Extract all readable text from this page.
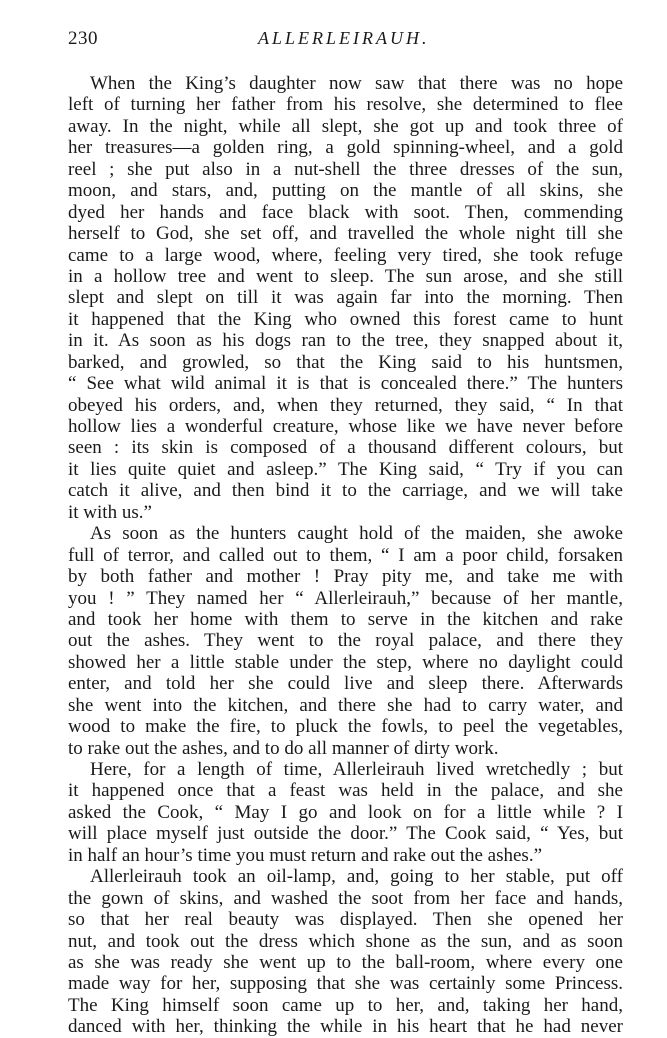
230	ALLERLEIRAUH.
When the King’s daughter now saw that there was no hope
left of turning her father from his resolve, she determined to flee
away. In the night, while all slept, she got up and took three of
her treasures—a golden ring, a gold spinning-wheel, and a gold
reel ; she put also in a nut-shell the three dresses of the sun,
moon, and stars, and, putting on the mantle of all skins, she
dyed her hands and face black with soot. Then, commending
herself to God, she set off, and travelled the whole night till she
came to a large wood, where, feeling very tired, she took refuge
in a hollow tree and went to sleep. The sun arose, and she still
slept and slept on till it was again far into the morning. Then
it happened that the King who owned this forest came to hunt
in it. As soon as his dogs ran to the tree, they snapped about it,
barked, and growled, so that the King said to his huntsmen,
“ See what wild animal it is that is concealed there.” The hunters
obeyed his orders, and, when they returned, they said, “ In that
hollow lies a wonderful creature, whose like we have never before
seen : its skin is composed of a thousand different colours, but
it lies quite quiet and asleep.” The King said, “ Try if you can
catch it alive, and then bind it to the carriage, and we will take
it with us.”
As soon as the hunters caught hold of the maiden, she awoke
full of terror, and called out to them, “ I am a poor child, forsaken
by both father and mother ! Pray pity me, and take me with
you ! ” They named her “ Allerleirauh,” because of her mantle,
and took her home with them to serve in the kitchen and rake
out the ashes. They went to the royal palace, and there they
showed her a little stable under the step, where no daylight could
enter, and told her she could live and sleep there. Afterwards
she went into the kitchen, and there she had to carry water, and
wood to make the fire, to pluck the fowls, to peel the vegetables,
to rake out the ashes, and to do all manner of dirty work.
Here, for a length of time, Allerleirauh lived wretchedly ; but
it happened once that a feast was held in the palace, and she
asked the Cook, “ May I go and look on for a little while ? I
will place myself just outside the door.” The Cook said, “ Yes, but
in half an hour’s time you must return and rake out the ashes.”
Allerleirauh took an oil-lamp, and, going to her stable, put off
the gown of skins, and washed the soot from her face and hands,
so that her real beauty was displayed. Then she opened her
nut, and took out the dress which shone as the sun, and as soon
as she was ready she went up to the ball-room, where every one
made way for her, supposing that she was certainly some Princess.
The King himself soon came up to her, and, taking her hand,
danced with her, thinking the while in his heart that he had never
